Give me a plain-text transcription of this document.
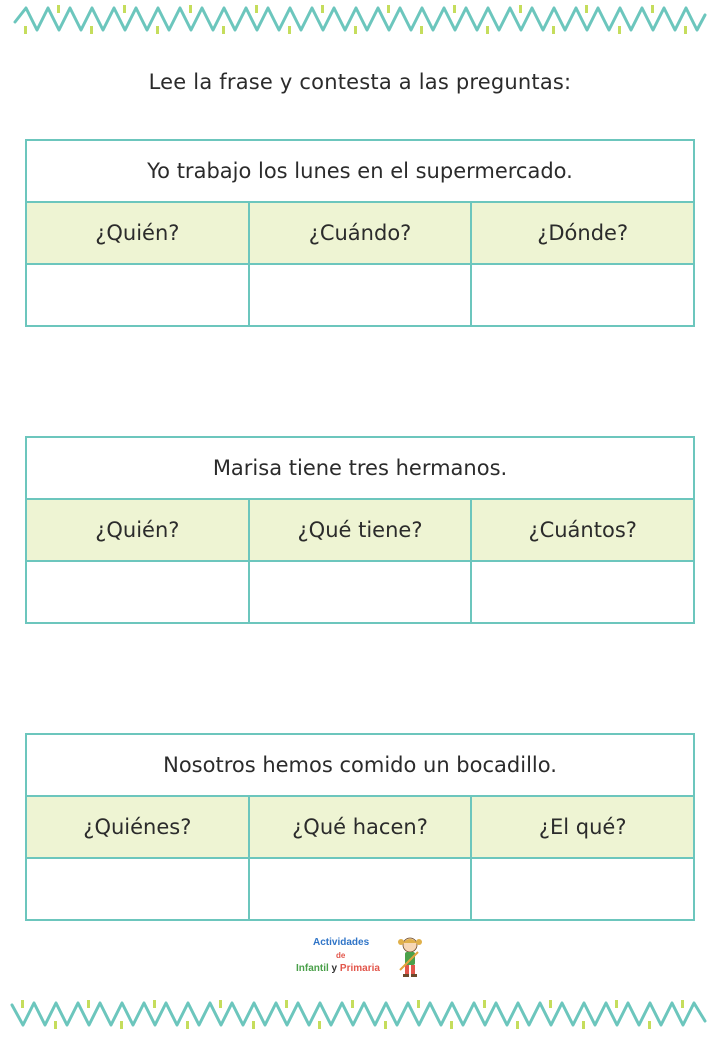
Lee la frase y contesta a las preguntas:
Yo trabajo los lunes en el supermercado.
¿Quién?	¿Cuándo?	¿Dónde?
Marisa tiene tres hermanos.
¿Quién?	¿Qué tiene?	¿Cuántos?
Nosotros hemos comido un bocadillo.
¿Quiénes?	¿Qué hacen?	¿El qué?
Actividades
de
Infantil y Primaria
